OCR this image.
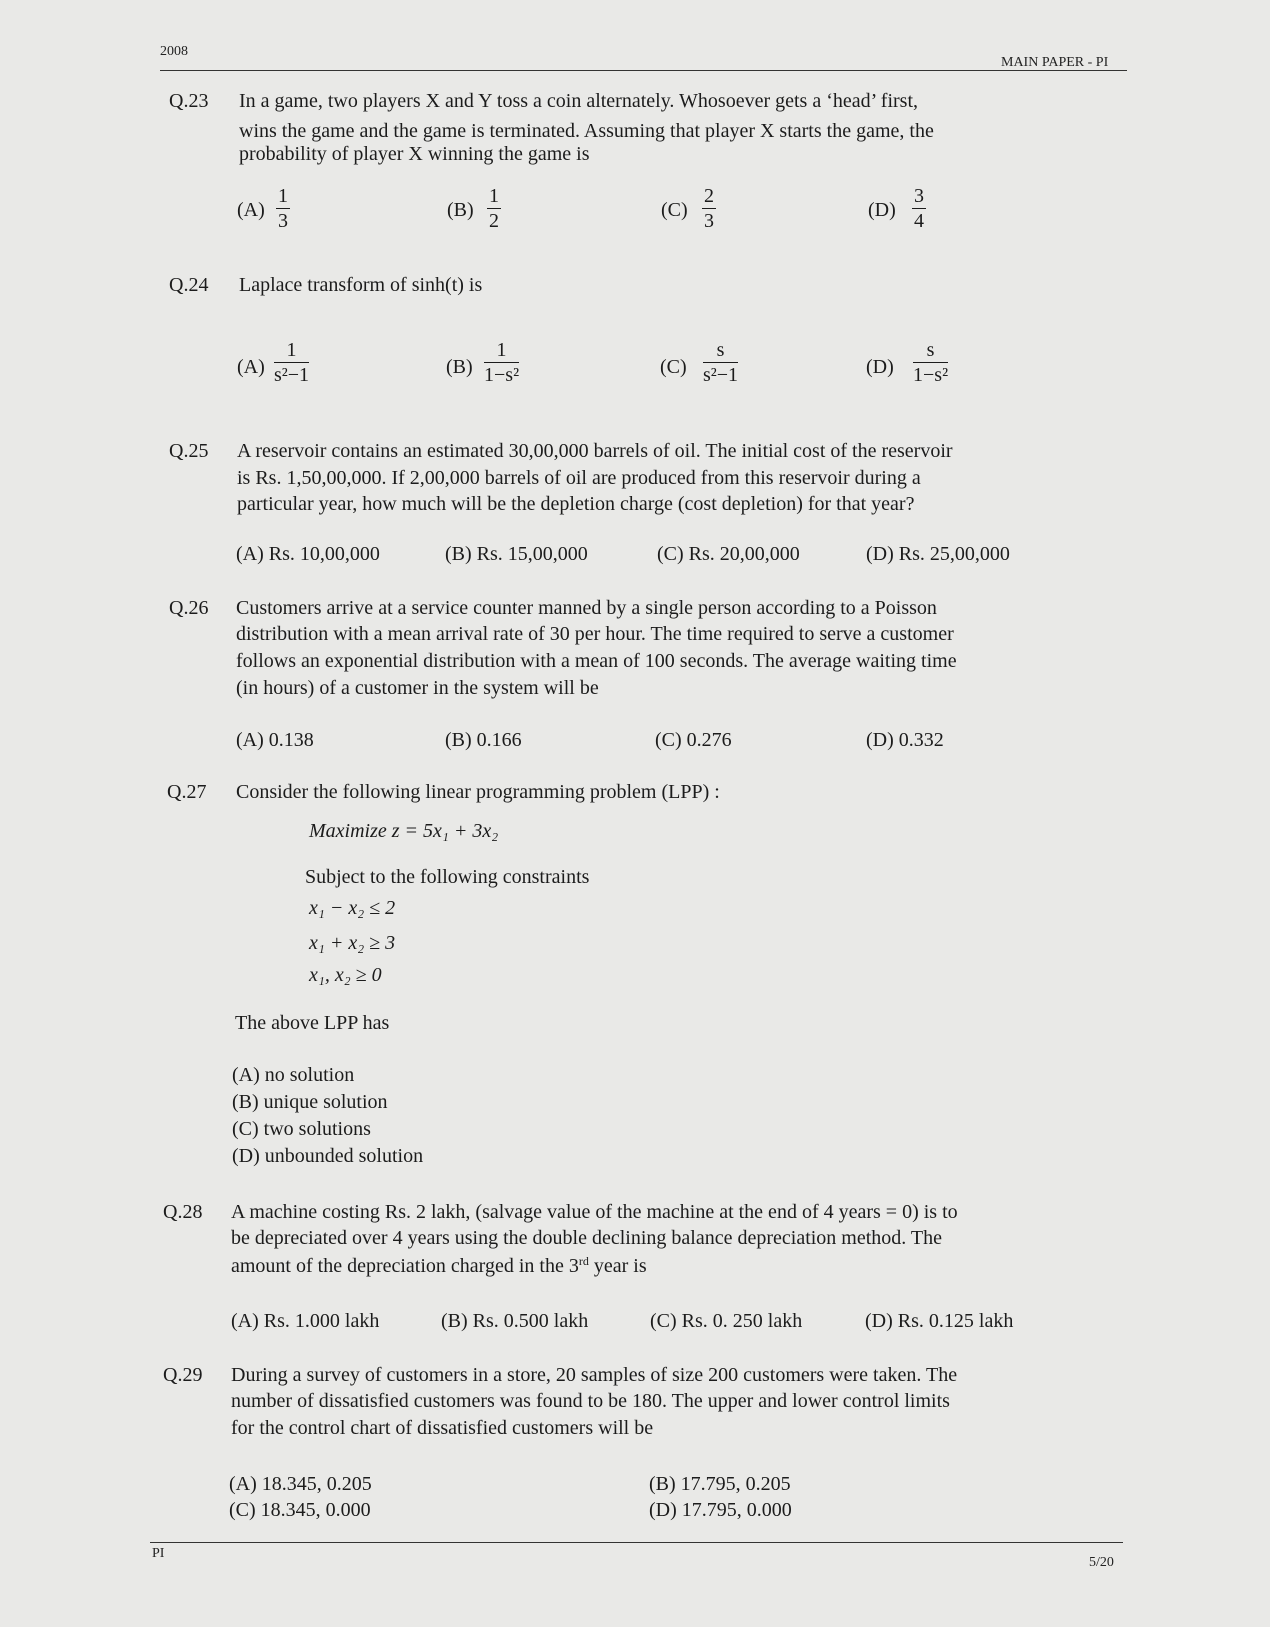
2008
MAIN PAPER - PI
Q.23 In a game, two players X and Y toss a coin alternately. Whosoever gets a ‘head’ first,
wins the game and the game is terminated. Assuming that player X starts the game, the
probability of player X winning the game is
$(A) \frac{1}{3}$	$(B) \frac{1}{2}$	$(C) \frac{2}{3}$	$(D) \frac{3}{4}$
Q.24 Laplace transform of sinh(t) is
$(A) \frac{1}{\text{s²−1}}$	$(B) \frac{1}{\text{1−s²}}$	$(C) \frac{s}{\text{s²−1}}$	$(D) \frac{s}{\text{1−s²}}$
Q.25 A reservoir contains an estimated 30,00,000 barrels of oil. The initial cost of the reservoir
is Rs. 1,50,00,000. If 2,00,000 barrels of oil are produced from this reservoir during a
particular year, how much will be the depletion charge (cost depletion) for that year?
(A) Rs. 10,00,000	(B) Rs. 15,00,000	(C) Rs. 20,00,000	(D) Rs. 25,00,000
Q.26 Customers arrive at a service counter manned by a single person according to a Poisson
distribution with a mean arrival rate of 30 per hour. The time required to serve a customer
follows an exponential distribution with a mean of 100 seconds. The average waiting time
(in hours) of a customer in the system will be
(A) 0.138	(B) 0.166	(C) 0.276	(D) 0.332
Q.27 Consider the following linear programming problem (LPP) :
Maximize z = 5x₁ + 3x₂
Subject to the following constraints
x₁ − x₂ ≤ 2
x₁ + x₂ ≥ 3
x₁, x₂ ≥ 0
The above LPP has
(A) no solution
(B) unique solution
(C) two solutions
(D) unbounded solution
Q.28 A machine costing Rs. 2 lakh, (salvage value of the machine at the end of 4 years = 0) is to
be depreciated over 4 years using the double declining balance depreciation method. The
amount of the depreciation charged in the 3rd year is
(A) Rs. 1.000 lakh	(B) Rs. 0.500 lakh	(C) Rs. 0. 250 lakh	(D) Rs. 0.125 lakh
Q.29 During a survey of customers in a store, 20 samples of size 200 customers were taken. The
number of dissatisfied customers was found to be 180. The upper and lower control limits
for the control chart of dissatisfied customers will be
(A) 18.345, 0.205	(B) 17.795, 0.205
(C) 18.345, 0.000	(D) 17.795, 0.000
PI
5/20
